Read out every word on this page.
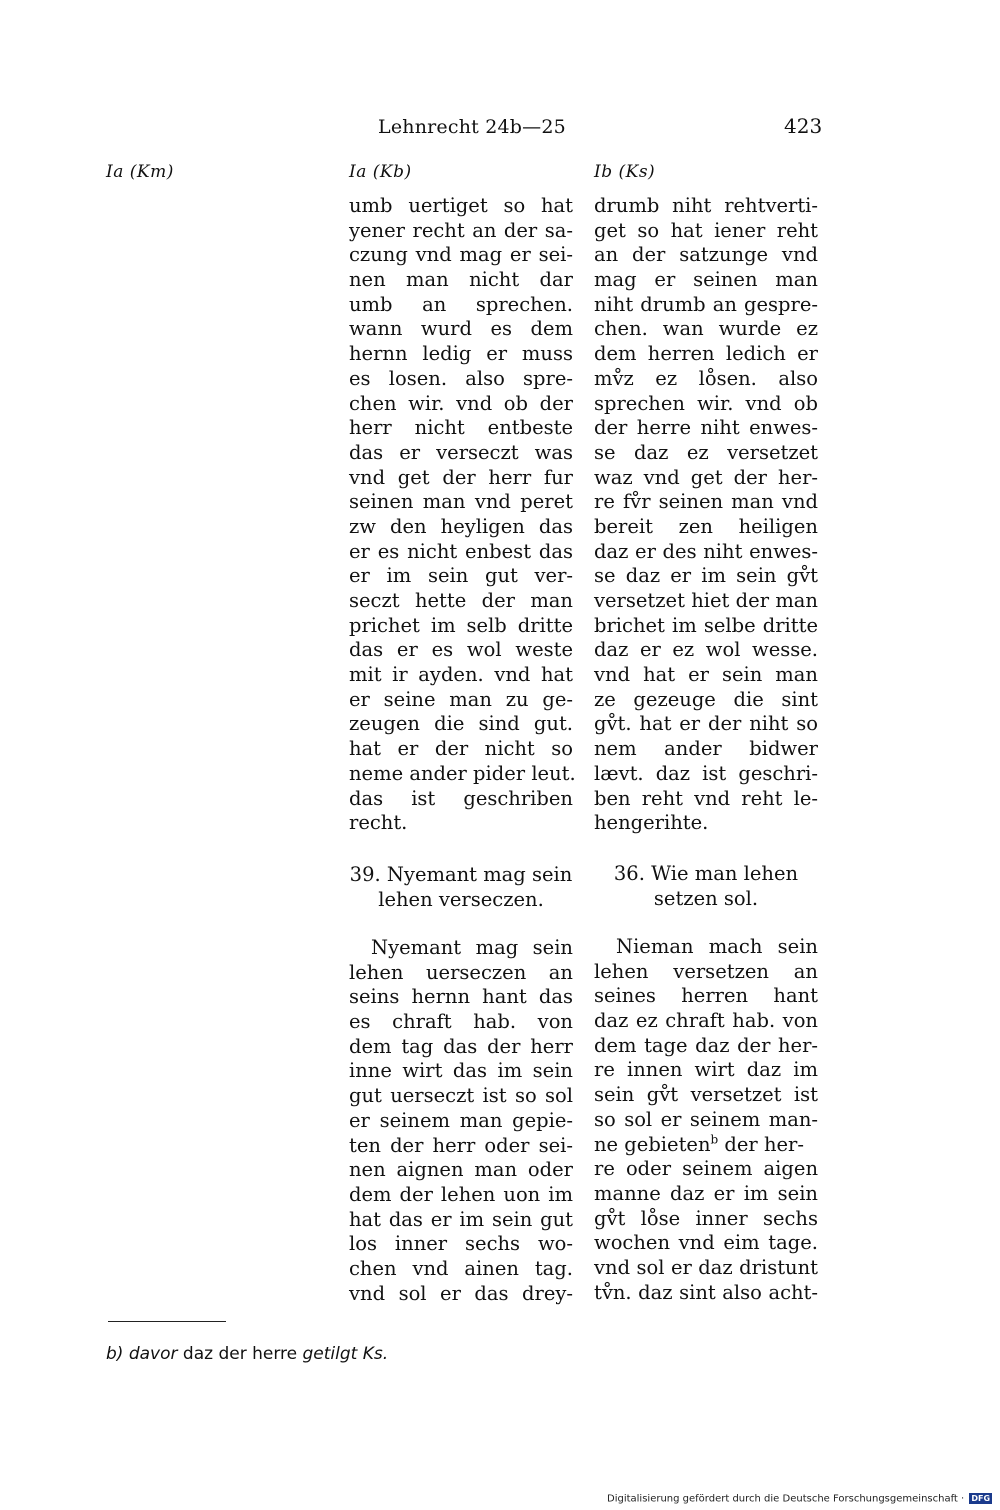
Lehnrecht 24b—25	423
Ia (Km)	Ia (Kb)	Ib (Ks)
umb uertiget so hat
yener recht an der sa-
czung vnd mag er sei-
nen man nicht dar
umb an sprechen.
wann wurd es dem
hernn ledig er muss
es losen. also spre-
chen wir. vnd ob der
herr nicht entbeste
das er verseczt was
vnd get der herr fur
seinen man vnd peret
zw den heyligen das
er es nicht enbest das
er im sein gut ver-
seczt hette der man
prichet im selb dritte
das er es wol weste
mit ir ayden. vnd hat
er seine man zu ge-
zeugen die sind gut.
hat er der nicht so
neme ander pider leut.
das ist geschriben
recht.
drumb niht rehtverti-
get so hat iener reht
an der satzunge vnd
mag er seinen man
niht drumb an gespre-
chen. wan wurde ez
dem herren ledich er
mv̊z ez lo̊sen. also
sprechen wir. vnd ob
der herre niht enwes-
se daz ez versetzet
waz vnd get der her-
re fv̊r seinen man vnd
bereit zen heiligen
daz er des niht enwes-
se daz er im sein gv̊t
versetzet hiet der man
brichet im selbe dritte
daz er ez wol wesse.
vnd hat er sein man
ze gezeuge die sint
gv̊t. hat er der niht so
nem ander bidwer
lævt. daz ist geschri-
ben reht vnd reht le-
hengerihte.
39. Nyemant mag sein
lehen verseczen.
36. Wie man lehen
setzen sol.
Nyemant mag sein
lehen uerseczen an
seins hernn hant das
es chraft hab. von
dem tag das der herr
inne wirt das im sein
gut uerseczt ist so sol
er seinem man gepie-
ten der herr oder sei-
nen aignen man oder
dem der lehen uon im
hat das er im sein gut
los inner sechs wo-
chen vnd ainen tag.
vnd sol er das drey-
Nieman mach sein
lehen versetzen an
seines herren hant
daz ez chraft hab. von
dem tage daz der her-
re innen wirt daz im
sein gv̊t versetzet ist
so sol er seinem man-
ne gebieten$^b$ der her-
re oder seinem aigen
manne daz er im sein
gv̊t lo̊se inner sechs
wochen vnd eim tage.
vnd sol er daz dristunt
tv̊n. daz sint also acht-
b) davor daz der herre getilgt Ks.
Digitalisierung gefördert durch die Deutsche Forschungsgemeinschaft · DFG
